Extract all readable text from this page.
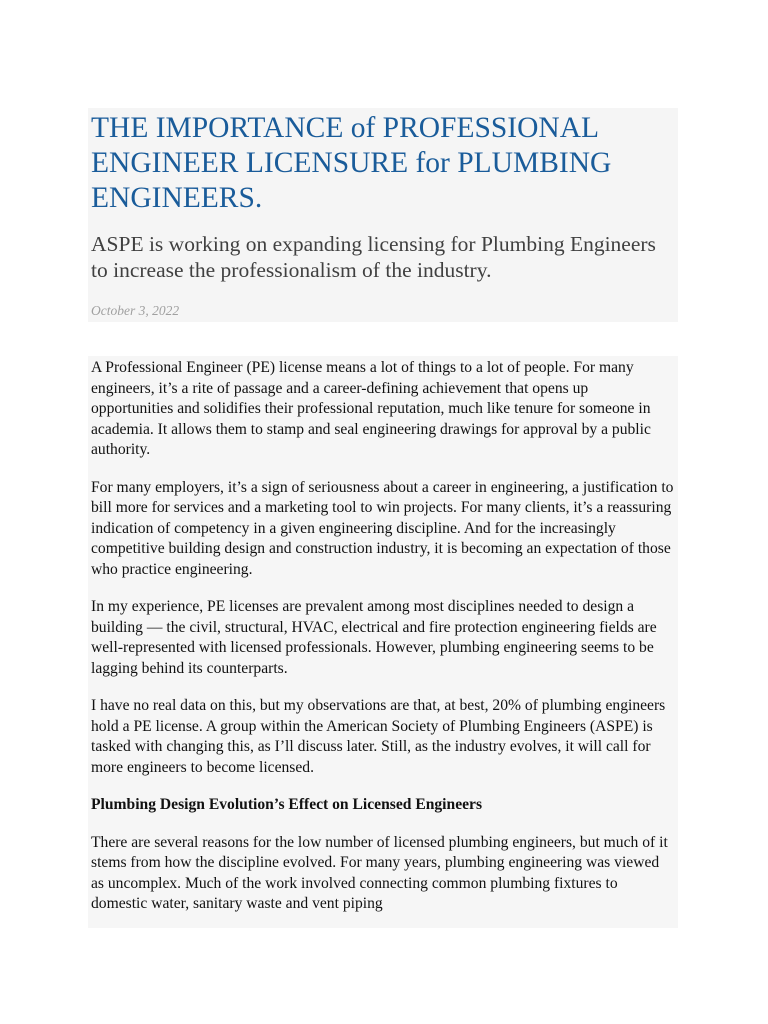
THE IMPORTANCE of PROFESSIONAL ENGINEER LICENSURE for PLUMBING ENGINEERS.

ASPE is working on expanding licensing for Plumbing Engineers to increase the professionalism of the industry.

October 3, 2022

A Professional Engineer (PE) license means a lot of things to a lot of people. For many engineers, it’s a rite of passage and a career-defining achievement that opens up opportunities and solidifies their professional reputation, much like tenure for someone in academia. It allows them to stamp and seal engineering drawings for approval by a public authority.

For many employers, it’s a sign of seriousness about a career in engineering, a justification to bill more for services and a marketing tool to win projects. For many clients, it’s a reassuring indication of competency in a given engineering discipline. And for the increasingly competitive building design and construction industry, it is becoming an expectation of those who practice engineering.

In my experience, PE licenses are prevalent among most disciplines needed to design a building — the civil, structural, HVAC, electrical and fire protection engineering fields are well-represented with licensed professionals. However, plumbing engineering seems to be lagging behind its counterparts.

I have no real data on this, but my observations are that, at best, 20% of plumbing engineers hold a PE license. A group within the American Society of Plumbing Engineers (ASPE) is tasked with changing this, as I’ll discuss later. Still, as the industry evolves, it will call for more engineers to become licensed.

Plumbing Design Evolution’s Effect on Licensed Engineers

There are several reasons for the low number of licensed plumbing engineers, but much of it stems from how the discipline evolved. For many years, plumbing engineering was viewed as uncomplex. Much of the work involved connecting common plumbing fixtures to domestic water, sanitary waste and vent piping
